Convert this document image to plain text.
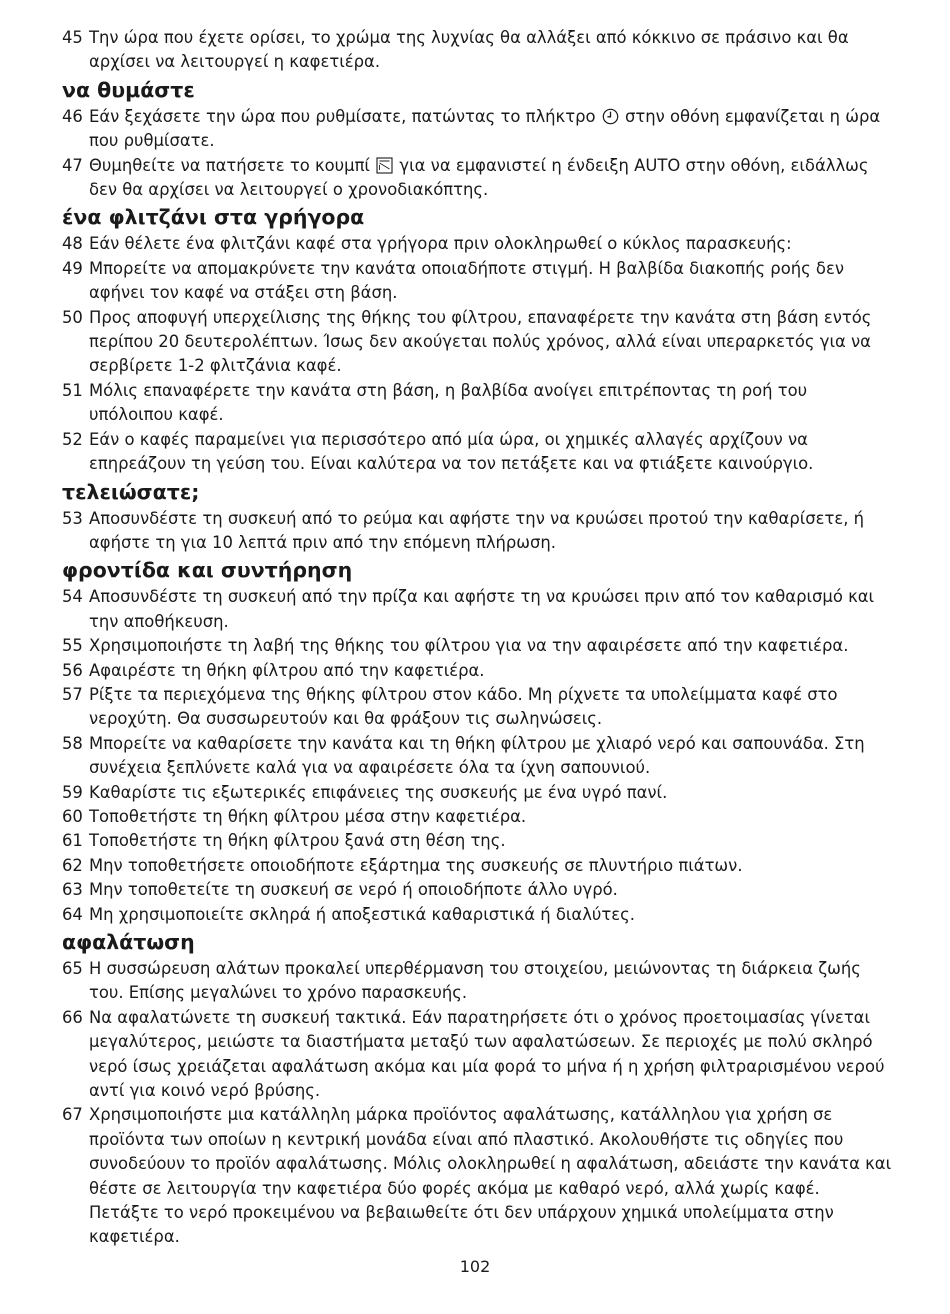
45 Την ώρα που έχετε ορίσει, το χρώμα της λυχνίας θα αλλάξει από κόκκινο σε πράσινο και θα αρχίσει να λειτουργεί η καφετιέρα.
να θυμάστε
46 Εάν ξεχάσετε την ώρα που ρυθμίσατε, πατώντας το πλήκτρο στην οθόνη εμφανίζεται η ώρα που ρυθμίσατε.
47 Θυμηθείτε να πατήσετε το κουμπί για να εμφανιστεί η ένδειξη AUTO στην οθόνη, ειδάλλως δεν θα αρχίσει να λειτουργεί ο χρονοδιακόπτης.
ένα φλιτζάνι στα γρήγορα
48 Εάν θέλετε ένα φλιτζάνι καφέ στα γρήγορα πριν ολοκληρωθεί ο κύκλος παρασκευής:
49 Μπορείτε να απομακρύνετε την κανάτα οποιαδήποτε στιγμή. Η βαλβίδα διακοπής ροής δεν αφήνει τον καφέ να στάξει στη βάση.
50 Προς αποφυγή υπερχείλισης της θήκης του φίλτρου, επαναφέρετε την κανάτα στη βάση εντός περίπου 20 δευτερολέπτων. Ίσως δεν ακούγεται πολύς χρόνος, αλλά είναι υπεραρκετός για να σερβίρετε 1-2 φλιτζάνια καφέ.
51 Μόλις επαναφέρετε την κανάτα στη βάση, η βαλβίδα ανοίγει επιτρέποντας τη ροή του υπόλοιπου καφέ.
52 Εάν ο καφές παραμείνει για περισσότερο από μία ώρα, οι χημικές αλλαγές αρχίζουν να επηρεάζουν τη γεύση του. Είναι καλύτερα να τον πετάξετε και να φτιάξετε καινούργιο.
τελειώσατε;
53 Αποσυνδέστε τη συσκευή από το ρεύμα και αφήστε την να κρυώσει προτού την καθαρίσετε, ή αφήστε τη για 10 λεπτά πριν από την επόμενη πλήρωση.
φροντίδα και συντήρηση
54 Αποσυνδέστε τη συσκευή από την πρίζα και αφήστε τη να κρυώσει πριν από τον καθαρισμό και την αποθήκευση.
55 Χρησιμοποιήστε τη λαβή της θήκης του φίλτρου για να την αφαιρέσετε από την καφετιέρα.
56 Αφαιρέστε τη θήκη φίλτρου από την καφετιέρα.
57 Ρίξτε τα περιεχόμενα της θήκης φίλτρου στον κάδο. Μη ρίχνετε τα υπολείμματα καφέ στο νεροχύτη. Θα συσσωρευτούν και θα φράξουν τις σωληνώσεις.
58 Μπορείτε να καθαρίσετε την κανάτα και τη θήκη φίλτρου με χλιαρό νερό και σαπουνάδα. Στη συνέχεια ξεπλύνετε καλά για να αφαιρέσετε όλα τα ίχνη σαπουνιού.
59 Καθαρίστε τις εξωτερικές επιφάνειες της συσκευής με ένα υγρό πανί.
60 Τοποθετήστε τη θήκη φίλτρου μέσα στην καφετιέρα.
61 Τοποθετήστε τη θήκη φίλτρου ξανά στη θέση της.
62 Μην τοποθετήσετε οποιοδήποτε εξάρτημα της συσκευής σε πλυντήριο πιάτων.
63 Μην τοποθετείτε τη συσκευή σε νερό ή οποιοδήποτε άλλο υγρό.
64 Μη χρησιμοποιείτε σκληρά ή αποξεστικά καθαριστικά ή διαλύτες.
αφαλάτωση
65 Η συσσώρευση αλάτων προκαλεί υπερθέρμανση του στοιχείου, μειώνοντας τη διάρκεια ζωής του. Επίσης μεγαλώνει το χρόνο παρασκευής.
66 Να αφαλατώνετε τη συσκευή τακτικά. Εάν παρατηρήσετε ότι ο χρόνος προετοιμασίας γίνεται μεγαλύτερος, μειώστε τα διαστήματα μεταξύ των αφαλατώσεων. Σε περιοχές με πολύ σκληρό νερό ίσως χρειάζεται αφαλάτωση ακόμα και μία φορά το μήνα ή η χρήση φιλτραρισμένου νερού αντί για κοινό νερό βρύσης.
67 Χρησιμοποιήστε μια κατάλληλη μάρκα προϊόντος αφαλάτωσης, κατάλληλου για χρήση σε προϊόντα των οποίων η κεντρική μονάδα είναι από πλαστικό. Ακολουθήστε τις οδηγίες που συνοδεύουν το προϊόν αφαλάτωσης. Μόλις ολοκληρωθεί η αφαλάτωση, αδειάστε την κανάτα και θέστε σε λειτουργία την καφετιέρα δύο φορές ακόμα με καθαρό νερό, αλλά χωρίς καφέ. Πετάξτε το νερό προκειμένου να βεβαιωθείτε ότι δεν υπάρχουν χημικά υπολείμματα στην καφετιέρα.
102
